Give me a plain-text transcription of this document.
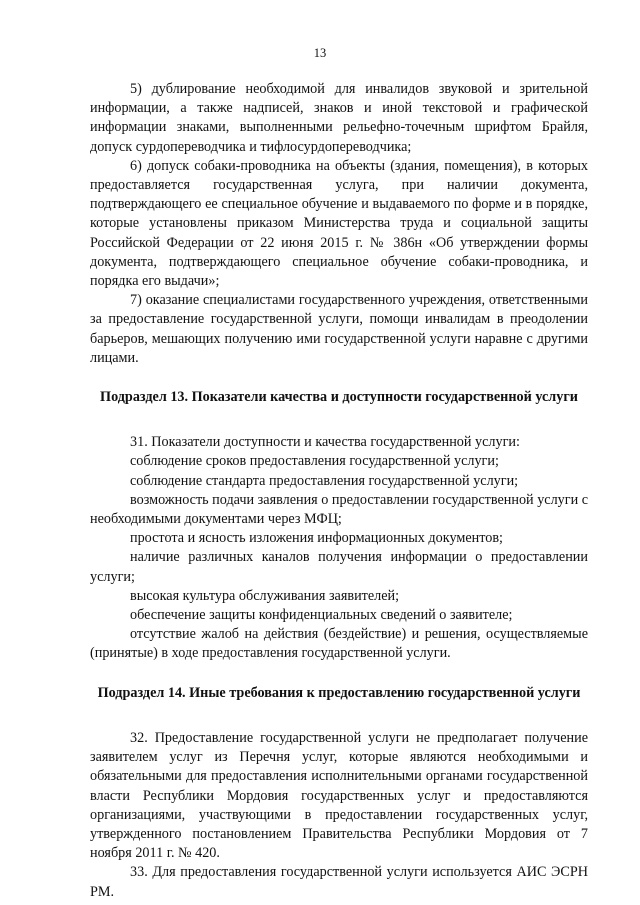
13

5) дублирование необходимой для инвалидов звуковой и зрительной информации, а также надписей, знаков и иной текстовой и графической информации знаками, выполненными рельефно-точечным шрифтом Брайля, допуск сурдопереводчика и тифлосурдопереводчика;

6) допуск собаки-проводника на объекты (здания, помещения), в которых предоставляется государственная услуга, при наличии документа, подтверждающего ее специальное обучение и выдаваемого по форме и в порядке, которые установлены приказом Министерства труда и социальной защиты Российской Федерации от 22 июня 2015 г. № 386н «Об утверждении формы документа, подтверждающего специальное обучение собаки-проводника, и порядка его выдачи»;

7) оказание специалистами государственного учреждения, ответственными за предоставление государственной услуги, помощи инвалидам в преодолении барьеров, мешающих получению ими государственной услуги наравне с другими лицами.

Подраздел 13. Показатели качества и доступности государственной услуги

31. Показатели доступности и качества государственной услуги:

соблюдение сроков предоставления государственной услуги;

соблюдение стандарта предоставления государственной услуги;

возможность подачи заявления о предоставлении государственной услуги с необходимыми документами через МФЦ;

простота и ясность изложения информационных документов;

наличие различных каналов получения информации о предоставлении услуги;

высокая культура обслуживания заявителей;

обеспечение защиты конфиденциальных сведений о заявителе;

отсутствие жалоб на действия (бездействие) и решения, осуществляемые (принятые) в ходе предоставления государственной услуги.

Подраздел 14. Иные требования к предоставлению государственной услуги

32. Предоставление государственной услуги не предполагает получение заявителем услуг из Перечня услуг, которые являются необходимыми и обязательными для предоставления исполнительными органами государственной власти Республики Мордовия государственных услуг и предоставляются организациями, участвующими в предоставлении государственных услуг, утвержденного постановлением Правительства Республики Мордовия от 7 ноября 2011 г. № 420.

33. Для предоставления государственной услуги используется АИС ЭСРН РМ.
